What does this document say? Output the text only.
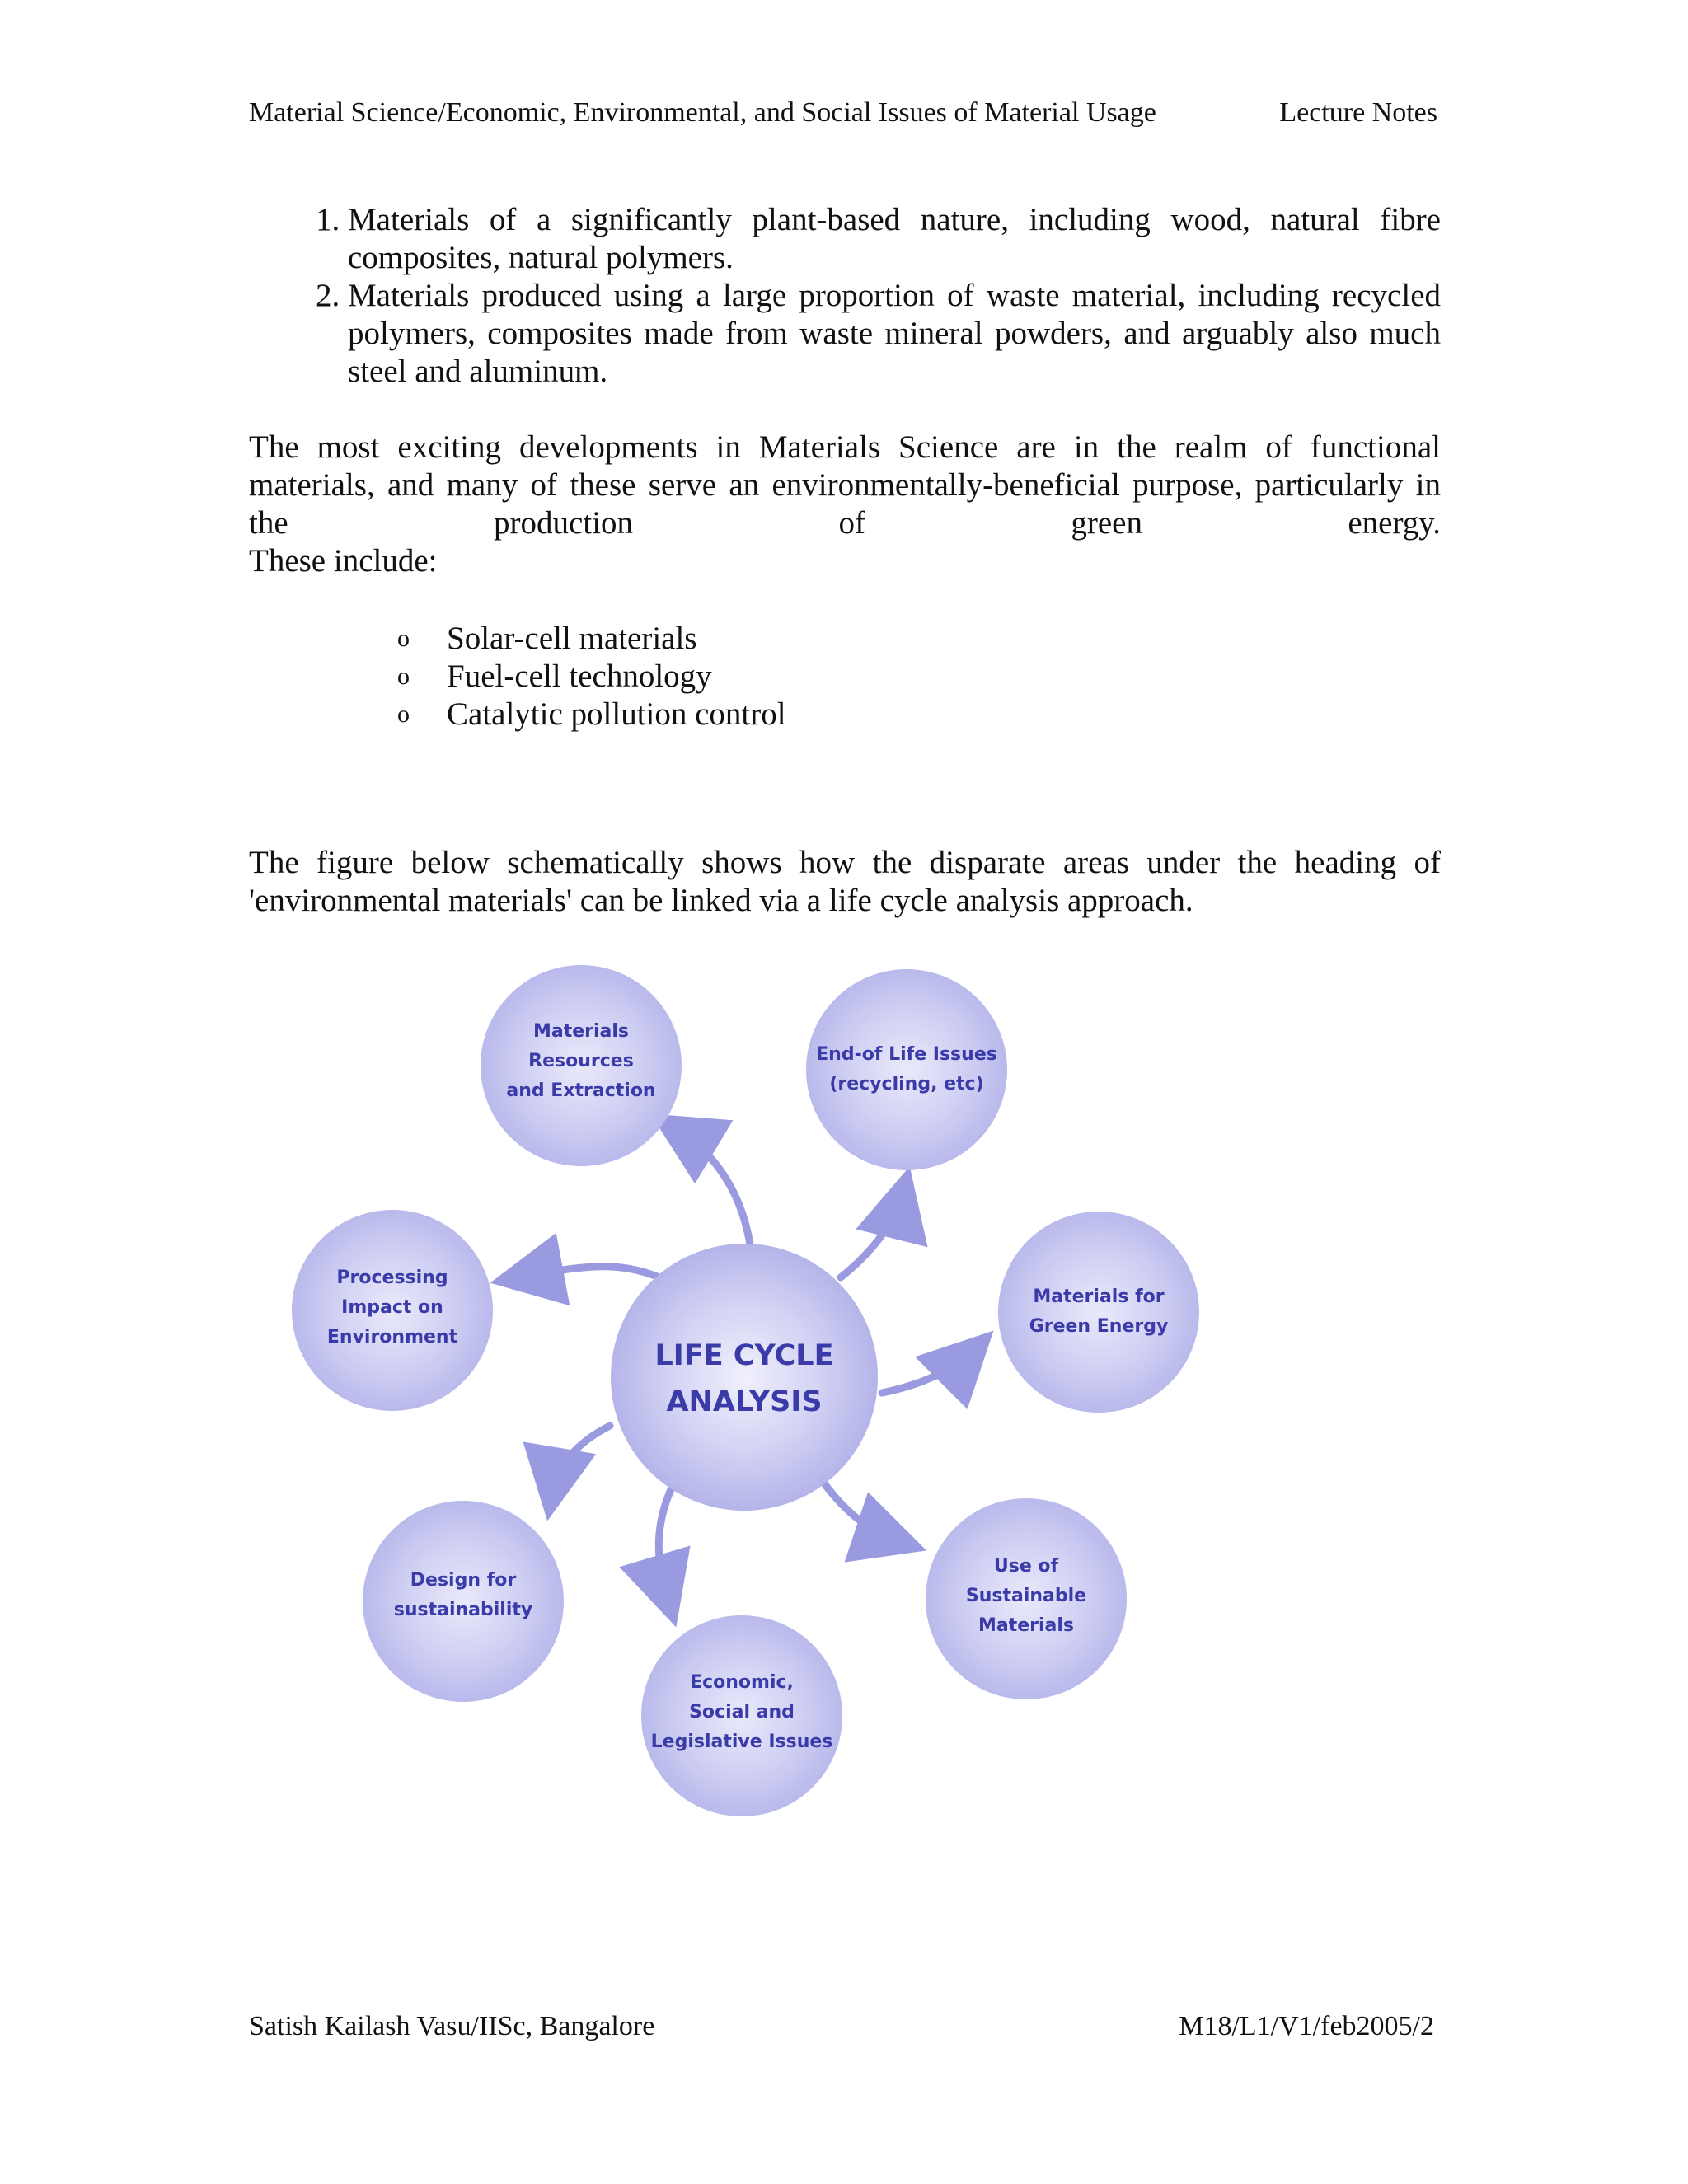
Material Science/Economic, Environmental, and Social Issues of Material Usage	Lecture Notes
1. Materials of a significantly plant-based nature, including wood, natural fibre composites, natural polymers.
2. Materials produced using a large proportion of waste material, including recycled polymers, composites made from waste mineral powders, and arguably also much steel and aluminum.
The most exciting developments in Materials Science are in the realm of functional materials, and many of these serve an environmentally-beneficial purpose, particularly in the production of green energy.
These include:
o Solar-cell materials
o Fuel-cell technology
o Catalytic pollution control
The figure below schematically shows how the disparate areas under the heading of 'environmental materials' can be linked via a life cycle analysis approach.
Materials Resources and Extraction
End-of Life Issues (recycling, etc)
Materials for Green Energy
Use of Sustainable Materials
Economic, Social and Legislative Issues
Design for sustainability
Processing Impact on Environment
LIFE CYCLE ANALYSIS
Satish Kailash Vasu/IISc, Bangalore	M18/L1/V1/feb2005/2
